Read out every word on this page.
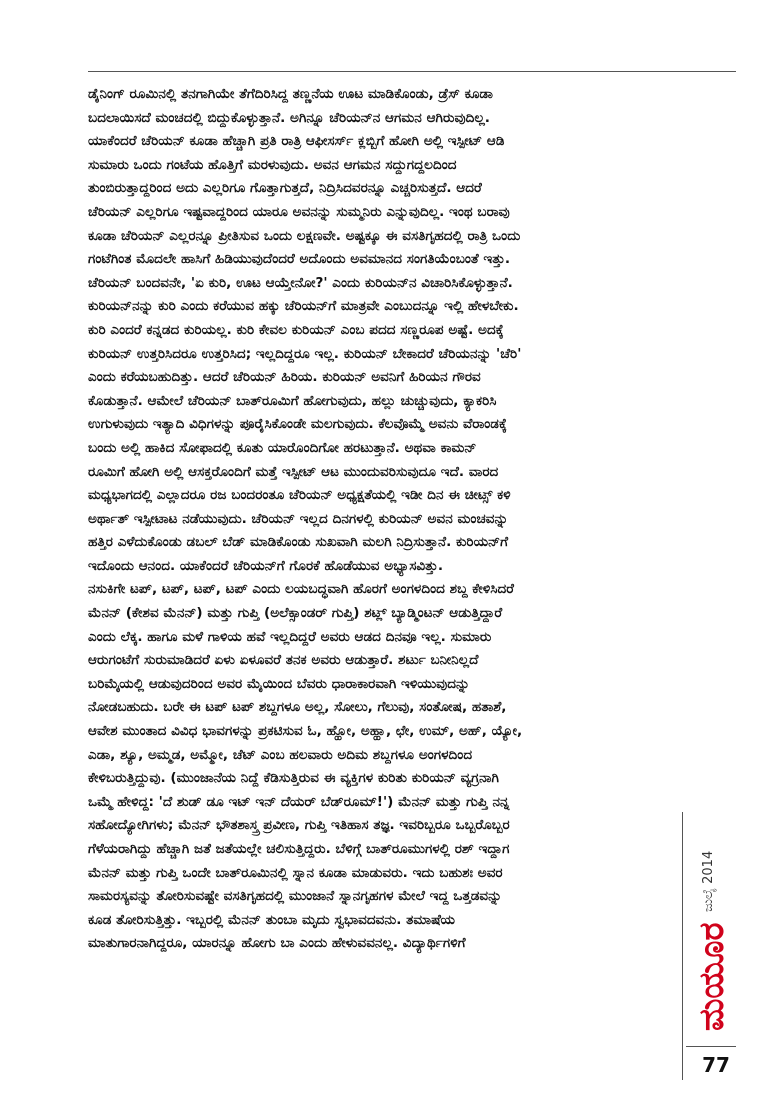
ಡೈನಿಂಗ್ ರೂಮಿನಲ್ಲಿ ತನಗಾಗಿಯೇ ತೆಗೆದಿರಿಸಿದ್ದ ತಣ್ಣನೆಯ ಊಟ ಮಾಡಿಕೊಂಡು, ಡ್ರೆಸ್ ಕೂಡಾ
ಬದಲಾಯಿಸದೆ ಮಂಚದಲ್ಲಿ ಬಿದ್ದುಕೊಳ್ಳುತ್ತಾನೆ. ಅಗಿನ್ನೂ ಚೆರಿಯನ್‌ನ ಆಗಮನ ಆಗಿರುವುದಿಲ್ಲ.
ಯಾಕೆಂದರೆ ಚೆರಿಯನ್ ಕೂಡಾ ಹೆಚ್ಚಾಗಿ ಪ್ರತಿ ರಾತ್ರಿ ಆಫೀಸರ್ಸ್ ಕ್ಲಬ್ಬಿಗೆ ಹೋಗಿ ಅಲ್ಲಿ ಇಸ್ಪೀಟ್ ಆಡಿ
ಸುಮಾರು ಒಂದು ಗಂಟೆಯ ಹೊತ್ತಿಗೆ ಮರಳುವುದು. ಅವನ ಆಗಮನ ಸದ್ದುಗದ್ದಲದಿಂದ
ತುಂಬಿರುತ್ತಾದ್ದರಿಂದ ಅದು ಎಲ್ಲರಿಗೂ ಗೊತ್ತಾಗುತ್ತದೆ, ನಿದ್ರಿಸಿದವರನ್ನೂ ಎಚ್ಚರಿಸುತ್ತದೆ. ಆದರೆ
ಚೆರಿಯನ್ ಎಲ್ಲರಿಗೂ ಇಷ್ಟವಾದ್ದರಿಂದ ಯಾರೂ ಅವನನ್ನು ಸುಮ್ಮನಿರು ಎನ್ನುವುದಿಲ್ಲ. ಇಂಥ ಬರಾವು
ಕೂಡಾ ಚೆರಿಯನ್ ಎಲ್ಲರನ್ನೂ ಪ್ರೀತಿಸುವ ಒಂದು ಲಕ್ಷಣವೇ. ಅಷ್ಟಕ್ಕೂ ಈ ವಸತಿಗೃಹದಲ್ಲಿ ರಾತ್ರಿ ಒಂದು
ಗಂಟೆಗಿಂತ ಮೊದಲೇ ಹಾಸಿಗೆ ಹಿಡಿಯುವುದೆಂದರೆ ಅದೊಂದು ಅವಮಾನದ ಸಂಗತಿಯೆಂಬಂತೆ ಇತ್ತು.
ಚೆರಿಯನ್ ಬಂದವನೇ, 'ಏ ಕುರಿ, ಊಟ ಆಯ್ತೇನೋ?' ಎಂದು ಕುರಿಯನ್‌ನ ವಿಚಾರಿಸಿಕೊಳ್ಳುತ್ತಾನೆ.
ಕುರಿಯನ್‌ನನ್ನು ಕುರಿ ಎಂದು ಕರೆಯುವ ಹಕ್ಕು ಚೆರಿಯನ್‌ಗೆ ಮಾತ್ರವೇ ಎಂಬುದನ್ನೂ ಇಲ್ಲಿ ಹೇಳಬೇಕು.
ಕುರಿ ಎಂದರೆ ಕನ್ನಡದ ಕುರಿಯಲ್ಲ. ಕುರಿ ಕೇವಲ ಕುರಿಯನ್ ಎಂಬ ಪದದ ಸಣ್ಣರೂಪ ಅಷ್ಟೆ. ಅದಕ್ಕೆ
ಕುರಿಯನ್ ಉತ್ತರಿಸಿದರೂ ಉತ್ತರಿಸಿದ; ಇಲ್ಲದಿದ್ದರೂ ಇಲ್ಲ. ಕುರಿಯನ್ ಬೇಕಾದರೆ ಚೆರಿಯನನ್ನು 'ಚೆರಿ'
ಎಂದು ಕರೆಯಬಹುದಿತ್ತು. ಆದರೆ ಚೆರಿಯನ್ ಹಿರಿಯ. ಕುರಿಯನ್ ಅವನಿಗೆ ಹಿರಿಯನ ಗೌರವ
ಕೊಡುತ್ತಾನೆ. ಆಮೇಲೆ ಚೆರಿಯನ್ ಬಾತ್‌ರೂಮಿಗೆ ಹೋಗುವುದು, ಹಲ್ಲು ಚುಚ್ಚುವುದು, ಕ್ಯಾಕರಿಸಿ
ಉಗುಳುವುದು ಇತ್ಯಾದಿ ವಿಧಿಗಳನ್ನು ಪೂರೈಸಿಕೊಂಡೇ ಮಲಗುವುದು. ಕೆಲವೊಮ್ಮೆ ಅವನು ವೆರಾಂಡಕ್ಕೆ
ಬಂದು ಅಲ್ಲಿ ಹಾಕಿದ ಸೋಫಾದಲ್ಲಿ ಕೂತು ಯಾರೊಂದಿಗೋ ಹರಟುತ್ತಾನೆ. ಅಥವಾ ಕಾಮನ್
ರೂಮಿಗೆ ಹೋಗಿ ಅಲ್ಲಿ ಆಸಕ್ತರೊಂದಿಗೆ ಮತ್ತೆ ಇಸ್ಪೀಟ್ ಆಟ ಮುಂದುವರಿಸುವುದೂ ಇದೆ. ವಾರದ
ಮಧ್ಯಭಾಗದಲ್ಲಿ ಎಲ್ಲಾದರೂ ರಜ ಬಂದರಂತೂ ಚೆರಿಯನ್ ಅಧ್ಯಕ್ಷತೆಯಲ್ಲಿ ಇಡೀ ದಿನ ಈ ಚೀಟ್ಸ್ ಕಳಿ
ಅರ್ಥಾತ್ ಇಸ್ಪೀಟಾಟ ನಡೆಯುವುದು. ಚೆರಿಯನ್ ಇಲ್ಲದ ದಿನಗಳಲ್ಲಿ ಕುರಿಯನ್ ಅವನ ಮಂಚವನ್ನು
ಹತ್ತಿರ ಎಳೆದುಕೊಂಡು ಡಬಲ್ ಬೆಡ್ ಮಾಡಿಕೊಂಡು ಸುಖವಾಗಿ ಮಲಗಿ ನಿದ್ರಿಸುತ್ತಾನೆ. ಕುರಿಯನ್‌ಗೆ
ಇದೊಂದು ಆನಂದ. ಯಾಕೆಂದರೆ ಚೆರಿಯನ್‌ಗೆ ಗೊರಕೆ ಹೊಡೆಯುವ ಅಭ್ಯಾಸವಿತ್ತು.
ನಸುಕಿಗೇ ಟಪ್, ಟಪ್, ಟಪ್, ಟಪ್ ಎಂದು ಲಯಬದ್ಧವಾಗಿ ಹೊರಗೆ ಅಂಗಳದಿಂದ ಶಬ್ದ ಕೇಳಿಸಿದರೆ
ಮೆನನ್ (ಕೇಶವ ಮೆನನ್) ಮತ್ತು ಗುಪ್ತಿ (ಅಲೆಕ್ಸಾಂಡರ್ ಗುಪ್ತಿ) ಶಟ್ಲ್ ಬ್ಯಾಡ್ಮಿಂಟನ್ ಆಡುತ್ತಿದ್ದಾರೆ
ಎಂದು ಲೆಕ್ಕ. ಹಾಗೂ ಮಳೆ ಗಾಳಿಯ ಹವೆ ಇಲ್ಲದಿದ್ದರೆ ಅವರು ಆಡದ ದಿನವೂ ಇಲ್ಲ. ಸುಮಾರು
ಆರುಗಂಟೆಗೆ ಸುರುಮಾಡಿದರೆ ಏಳು ಏಳೂವರೆ ತನಕ ಅವರು ಆಡುತ್ತಾರೆ. ಶರ್ಟು ಬನೀನಿಲ್ಲದೆ
ಬರಿಮೈಯಲ್ಲಿ ಆಡುವುದರಿಂದ ಅವರ ಮೈಯಿಂದ ಬೆವರು ಧಾರಾಕಾರವಾಗಿ ಇಳಿಯುವುದನ್ನು
ನೋಡಬಹುದು. ಬರೇ ಈ ಟಪ್ ಟಪ್ ಶಬ್ದಗಳೂ ಅಲ್ಲ, ಸೋಲು, ಗೆಲುವು, ಸಂತೋಷ, ಹತಾಶೆ,
ಆವೇಶ ಮುಂತಾದ ವಿವಿಧ ಭಾವಗಳನ್ನು ಪ್ರಕಟಿಸುವ ಓ, ಹ್ಹೋ, ಅಹ್ಹಾ, ಛೇ, ಉಮ್, ಅಹ್, ಯ್ಯೋ,
ಎಡಾ, ಶ್ಯೂ, ಅಮ್ಮಡ, ಅಮ್ಮೋ, ಚೆಟ್ ಎಂಬ ಹಲವಾರು ಅದಿಮ ಶಬ್ದಗಳೂ ಅಂಗಳದಿಂದ
ಕೇಳಿಬರುತ್ತಿದ್ದುವು. (ಮುಂಜಾನೆಯ ನಿದ್ದೆ ಕೆಡಿಸುತ್ತಿರುವ ಈ ವ್ಯಕ್ತಿಗಳ ಕುರಿತು ಕುರಿಯನ್ ವ್ಯಗ್ರನಾಗಿ
ಒಮ್ಮೆ ಹೇಳಿದ್ದ: 'ದೆ ಶುಡ್ ಡೂ ಇಟ್ ಇನ್ ದೆಯರ್ ಬೆಡ್‌ರೂಮ್!') ಮೆನನ್ ಮತ್ತು ಗುಪ್ತಿ ನನ್ನ
ಸಹೋದ್ಯೋಗಿಗಳು; ಮೆನನ್ ಭೌತಶಾಸ್ತ್ರ ಪ್ರವೀಣ, ಗುಪ್ತಿ ಇತಿಹಾಸ ತಜ್ಞ. ಇವರಿಬ್ಬರೂ ಒಬ್ಬರೊಬ್ಬರ
ಗೆಳೆಯರಾಗಿದ್ದು ಹೆಚ್ಚಾಗಿ ಜತೆ ಜತೆಯಲ್ಲೇ ಚಲಿಸುತ್ತಿದ್ದರು. ಬೆಳಿಗ್ಗೆ ಬಾತ್‌ರೂಮುಗಳಲ್ಲಿ ರಶ್ ಇದ್ದಾಗ
ಮೆನನ್ ಮತ್ತು ಗುಪ್ತಿ ಒಂದೇ ಬಾತ್‌ರೂಮಿನಲ್ಲಿ ಸ್ನಾನ ಕೂಡಾ ಮಾಡುವರು. ಇದು ಬಹುಶಃ ಅವರ
ಸಾಮರಸ್ಯವನ್ನು ತೋರಿಸುವಷ್ಟೇ ವಸತಿಗೃಹದಲ್ಲಿ ಮುಂಜಾನೆ ಸ್ನಾನಗೃಹಗಳ ಮೇಲೆ ಇದ್ದ ಒತ್ತಡವನ್ನು
ಕೂಡ ತೋರಿಸುತ್ತಿತ್ತು. ಇಬ್ಬರಲ್ಲಿ ಮೆನನ್ ತುಂಬಾ ಮೃದು ಸ್ವಭಾವದವನು. ತಮಾಷೆಯ
ಮಾತುಗಾರನಾಗಿದ್ದರೂ, ಯಾರನ್ನೂ ಹೋಗು ಬಾ ಎಂದು ಹೇಳುವವನಲ್ಲ. ವಿದ್ಯಾರ್ಥಿಗಳಿಗೆ
ಜುಲೈ 2014
ಮಯೂರ
77
